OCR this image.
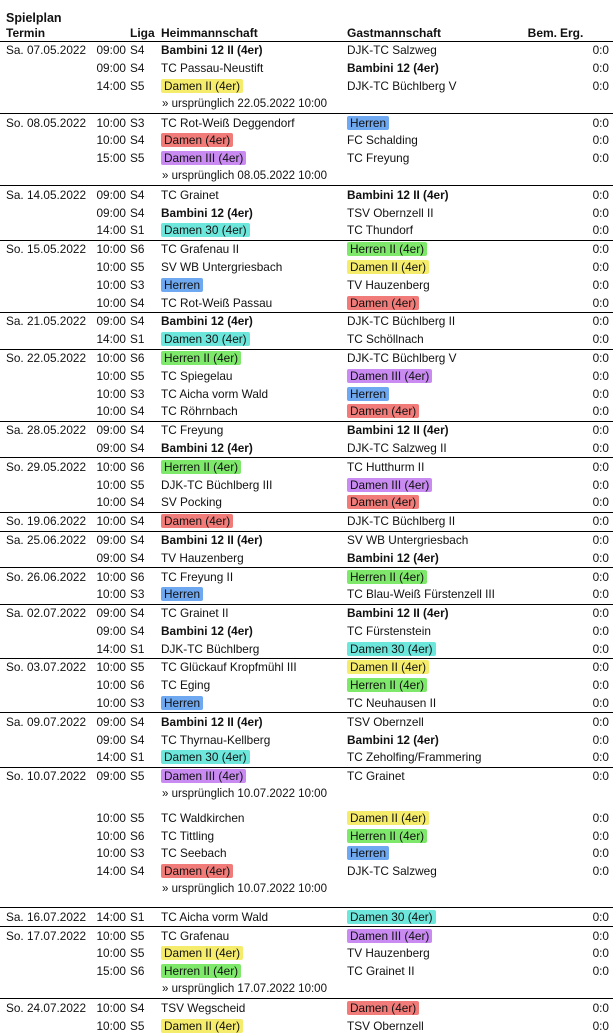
Spielplan
Termin		Liga	Heimmannschaft	Gastmannschaft	Bem.	Erg.
Sa. 07.05.2022	09:00	S4	Bambini 12 II (4er)	DJK-TC Salzweg		0:0
	09:00	S4	TC Passau-Neustift	Bambini 12 (4er)		0:0
	14:00	S5	Damen II (4er)	DJK-TC Büchlberg V		0:0
			» ursprünglich 22.05.2022 10:00			
So. 08.05.2022	10:00	S3	TC Rot-Weiß Deggendorf	Herren		0:0
	10:00	S4	Damen (4er)	FC Schalding		0:0
	15:00	S5	Damen III (4er)	TC Freyung		0:0
			» ursprünglich 08.05.2022 10:00			
Sa. 14.05.2022	09:00	S4	TC Grainet	Bambini 12 II (4er)		0:0
	09:00	S4	Bambini 12 (4er)	TSV Obernzell II		0:0
	14:00	S1	Damen 30 (4er)	TC Thundorf		0:0
So. 15.05.2022	10:00	S6	TC Grafenau II	Herren II (4er)		0:0
	10:00	S5	SV WB Untergriesbach	Damen II (4er)		0:0
	10:00	S3	Herren	TV Hauzenberg		0:0
	10:00	S4	TC Rot-Weiß Passau	Damen (4er)		0:0
Sa. 21.05.2022	09:00	S4	Bambini 12 (4er)	DJK-TC Büchlberg II		0:0
	14:00	S1	Damen 30 (4er)	TC Schöllnach		0:0
So. 22.05.2022	10:00	S6	Herren II (4er)	DJK-TC Büchlberg V		0:0
	10:00	S5	TC Spiegelau	Damen III (4er)		0:0
	10:00	S3	TC Aicha vorm Wald	Herren		0:0
	10:00	S4	TC Röhrnbach	Damen (4er)		0:0
Sa. 28.05.2022	09:00	S4	TC Freyung	Bambini 12 II (4er)		0:0
	09:00	S4	Bambini 12 (4er)	DJK-TC Salzweg II		0:0
So. 29.05.2022	10:00	S6	Herren II (4er)	TC Hutthurm II		0:0
	10:00	S5	DJK-TC Büchlberg III	Damen III (4er)		0:0
	10:00	S4	SV Pocking	Damen (4er)		0:0
So. 19.06.2022	10:00	S4	Damen (4er)	DJK-TC Büchlberg II		0:0
Sa. 25.06.2022	09:00	S4	Bambini 12 II (4er)	SV WB Untergriesbach		0:0
	09:00	S4	TV Hauzenberg	Bambini 12 (4er)		0:0
So. 26.06.2022	10:00	S6	TC Freyung II	Herren II (4er)		0:0
	10:00	S3	Herren	TC Blau-Weiß Fürstenzell III		0:0
Sa. 02.07.2022	09:00	S4	TC Grainet II	Bambini 12 II (4er)		0:0
	09:00	S4	Bambini 12 (4er)	TC Fürstenstein		0:0
	14:00	S1	DJK-TC Büchlberg	Damen 30 (4er)		0:0
So. 03.07.2022	10:00	S5	TC Glückauf Kropfmühl III	Damen II (4er)		0:0
	10:00	S6	TC Eging	Herren II (4er)		0:0
	10:00	S3	Herren	TC Neuhausen II		0:0
Sa. 09.07.2022	09:00	S4	Bambini 12 II (4er)	TSV Obernzell		0:0
	09:00	S4	TC Thyrnau-Kellberg	Bambini 12 (4er)		0:0
	14:00	S1	Damen 30 (4er)	TC Zeholfing/Frammering		0:0
So. 10.07.2022	09:00	S5	Damen III (4er)	TC Grainet		0:0
			» ursprünglich 10.07.2022 10:00			

	10:00	S5	TC Waldkirchen	Damen II (4er)		0:0
	10:00	S6	TC Tittling	Herren II (4er)		0:0
	10:00	S3	TC Seebach	Herren		0:0
	14:00	S4	Damen (4er)	DJK-TC Salzweg		0:0
			» ursprünglich 10.07.2022 10:00			

Sa. 16.07.2022	14:00	S1	TC Aicha vorm Wald	Damen 30 (4er)		0:0
So. 17.07.2022	10:00	S5	TC Grafenau	Damen III (4er)		0:0
	10:00	S5	Damen II (4er)	TV Hauzenberg		0:0
	15:00	S6	Herren II (4er)	TC Grainet II		0:0
			» ursprünglich 17.07.2022 10:00			
So. 24.07.2022	10:00	S4	TSV Wegscheid	Damen (4er)		0:0
	10:00	S5	Damen II (4er)	TSV Obernzell		0:0
